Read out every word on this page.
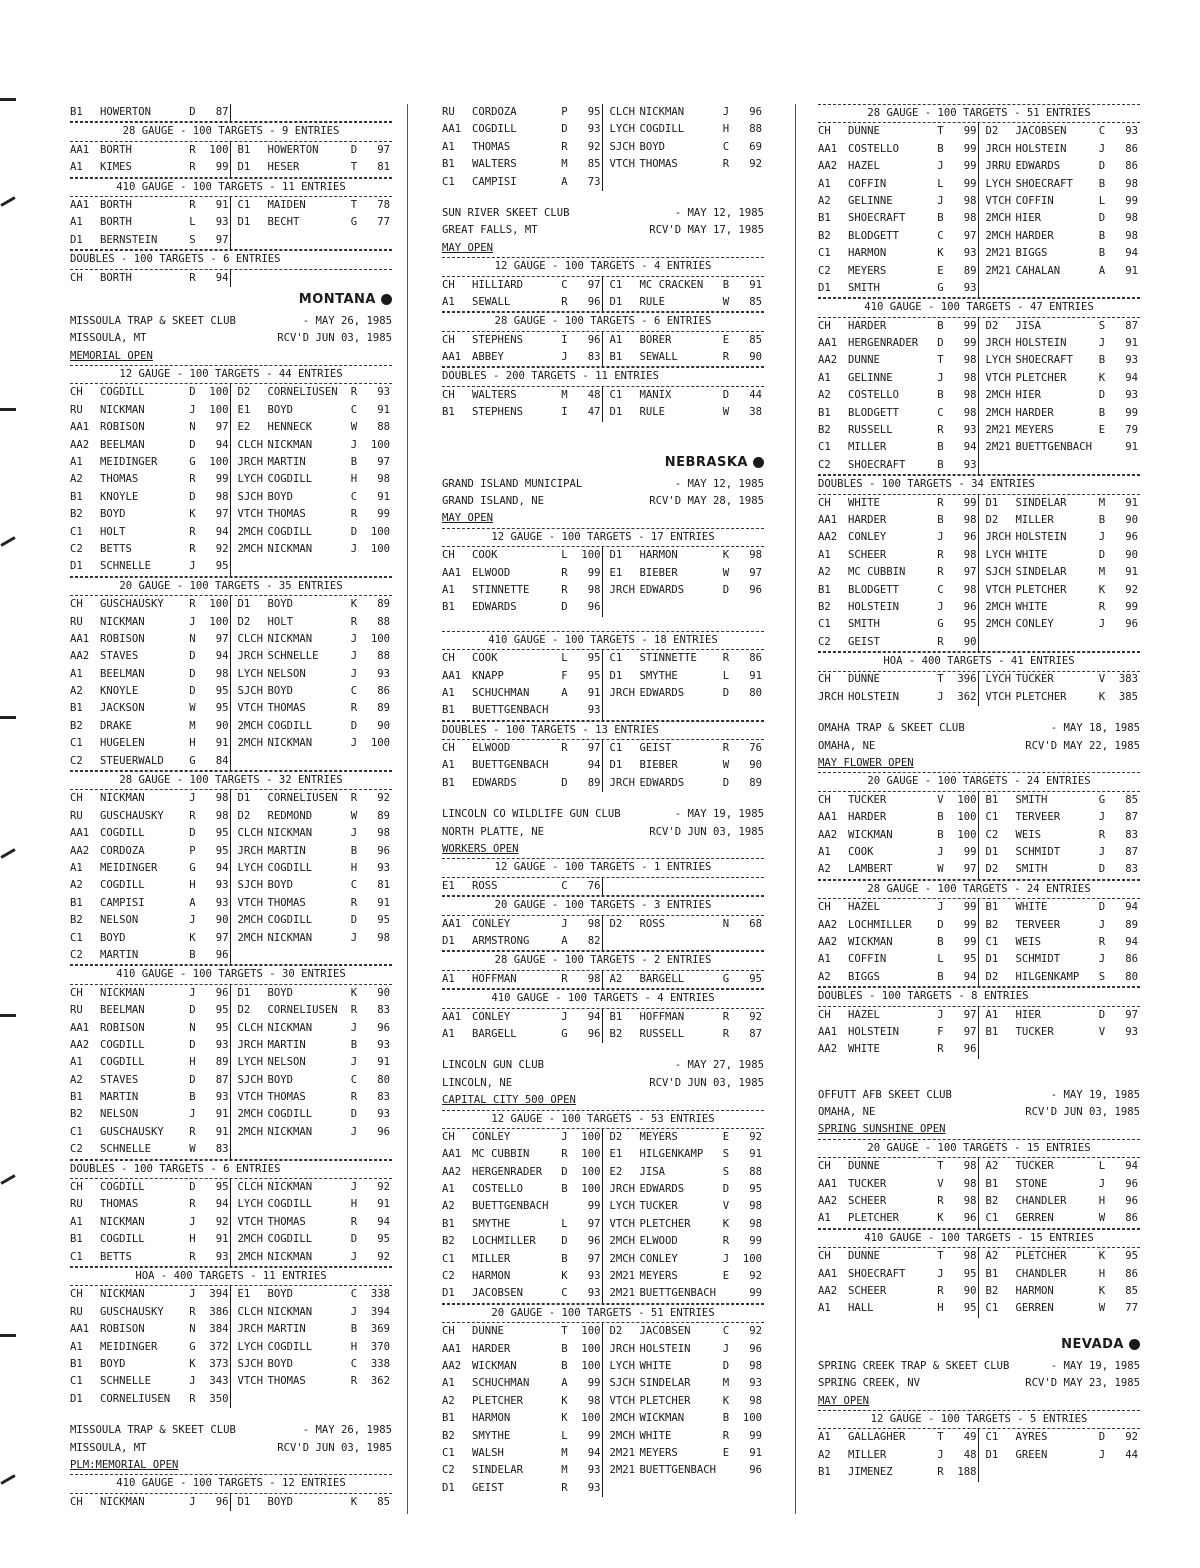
B1	HOWERTON	D	87
28 GAUGE - 100 TARGETS - 9 ENTRIES
AA1	BORTH	R	100 B1	HOWERTON	D	97
A1	KIMES	R	99 D1	HESER	T	81
410 GAUGE - 100 TARGETS - 11 ENTRIES
AA1	BORTH	R	91 C1	MAIDEN	T	78
A1	BORTH	L	93 D1	BECHT	G	77
D1	BERNSTEIN	S	97
DOUBLES - 100 TARGETS - 6 ENTRIES
CH	BORTH	R	94
MONTANA
MISSOULA TRAP & SKEET CLUB	- MAY 26, 1985
MISSOULA, MT	RCV'D JUN 03, 1985
MEMORIAL OPEN
12 GAUGE - 100 TARGETS - 44 ENTRIES
CH	COGDILL	D	100 D2	CORNELIUSEN	R	93
RU	NICKMAN	J	100 E1	BOYD	C	91
AA1	ROBISON	N	97 E2	HENNECK	W	88
AA2	BEELMAN	D	94 CLCH NICKMAN	J	100
A1	MEIDINGER	G	100 JRCH MARTIN	B	97
A2	THOMAS	R	99 LYCH COGDILL	H	98
B1	KNOYLE	D	98 SJCH BOYD	C	91
B2	BOYD	K	97 VTCH THOMAS	R	99
C1	HOLT	R	94 2MCH COGDILL	D	100
C2	BETTS	R	92 2MCH NICKMAN	J	100
D1	SCHNELLE	J	95
20 GAUGE - 100 TARGETS - 35 ENTRIES
CH	GUSCHAUSKY	R	100 D1	BOYD	K	89
RU	NICKMAN	J	100 D2	HOLT	R	88
AA1	ROBISON	N	97 CLCH NICKMAN	J	100
AA2	STAVES	D	94 JRCH SCHNELLE	J	88
A1	BEELMAN	D	98 LYCH NELSON	J	93
A2	KNOYLE	D	95 SJCH BOYD	C	86
B1	JACKSON	W	95 VTCH THOMAS	R	89
B2	DRAKE	M	90 2MCH COGDILL	D	90
C1	HUGELEN	H	91 2MCH NICKMAN	J	100
C2	STEUERWALD	G	84
28 GAUGE - 100 TARGETS - 32 ENTRIES
CH	NICKMAN	J	98 D1	CORNELIUSEN	R	92
RU	GUSCHAUSKY	R	98 D2	REDMOND	W	89
AA1	COGDILL	D	95 CLCH NICKMAN	J	98
AA2	CORDOZA	P	95 JRCH MARTIN	B	96
A1	MEIDINGER	G	94 LYCH COGDILL	H	93
A2	COGDILL	H	93 SJCH BOYD	C	81
B1	CAMPISI	A	93 VTCH THOMAS	R	91
B2	NELSON	J	90 2MCH COGDILL	D	95
C1	BOYD	K	97 2MCH NICKMAN	J	98
C2	MARTIN	B	96
410 GAUGE - 100 TARGETS - 30 ENTRIES
CH	NICKMAN	J	96 D1	BOYD	K	90
RU	BEELMAN	D	95 D2	CORNELIUSEN	R	83
AA1	ROBISON	N	95 CLCH NICKMAN	J	96
AA2	COGDILL	D	93 JRCH MARTIN	B	93
A1	COGDILL	H	89 LYCH NELSON	J	91
A2	STAVES	D	87 SJCH BOYD	C	80
B1	MARTIN	B	93 VTCH THOMAS	R	83
B2	NELSON	J	91 2MCH COGDILL	D	93
C1	GUSCHAUSKY	R	91 2MCH NICKMAN	J	96
C2	SCHNELLE	W	83
DOUBLES - 100 TARGETS - 6 ENTRIES
CH	COGDILL	D	95 CLCH NICKMAN	J	92
RU	THOMAS	R	94 LYCH COGDILL	H	91
A1	NICKMAN	J	92 VTCH THOMAS	R	94
B1	COGDILL	H	91 2MCH COGDILL	D	95
C1	BETTS	R	93 2MCH NICKMAN	J	92
HOA - 400 TARGETS - 11 ENTRIES
CH	NICKMAN	J	394 E1	BOYD	C	338
RU	GUSCHAUSKY	R	386 CLCH NICKMAN	J	394
AA1	ROBISON	N	384 JRCH MARTIN	B	369
A1	MEIDINGER	G	372 LYCH COGDILL	H	370
B1	BOYD	K	373 SJCH BOYD	C	338
C1	SCHNELLE	J	343 VTCH THOMAS	R	362
D1	CORNELIUSEN	R	350
MISSOULA TRAP & SKEET CLUB	- MAY 26, 1985
MISSOULA, MT	RCV'D JUN 03, 1985
PLM:MEMORIAL OPEN
410 GAUGE - 100 TARGETS - 12 ENTRIES
CH	NICKMAN	J	96 D1	BOYD	K	85
RU	CORDOZA	P	95 CLCH NICKMAN	J	96
AA1	COGDILL	D	93 LYCH COGDILL	H	88
A1	THOMAS	R	92 SJCH BOYD	C	69
B1	WALTERS	M	85 VTCH THOMAS	R	92
C1	CAMPISI	A	73
SUN RIVER SKEET CLUB	- MAY 12, 1985
GREAT FALLS, MT	RCV'D MAY 17, 1985
MAY OPEN
12 GAUGE - 100 TARGETS - 4 ENTRIES
CH	HILLIARD	C	97 C1	MC CRACKEN	B	91
A1	SEWALL	R	96 D1	RULE	W	85
28 GAUGE - 100 TARGETS - 6 ENTRIES
CH	STEPHENS	I	96 A1	BORER	E	85
AA1	ABBEY	J	83 B1	SEWALL	R	90
DOUBLES - 200 TARGETS - 11 ENTRIES
CH	WALTERS	M	48 C1	MANIX	D	44
B1	STEPHENS	I	47 D1	RULE	W	38
NEBRASKA
GRAND ISLAND MUNICIPAL	- MAY 12, 1985
GRAND ISLAND, NE	RCV'D MAY 28, 1985
MAY OPEN
12 GAUGE - 100 TARGETS - 17 ENTRIES
CH	COOK	L	100 D1	HARMON	K	98
AA1	ELWOOD	R	99 E1	BIEBER	W	97
A1	STINNETTE	R	98 JRCH EDWARDS	D	96
B1	EDWARDS	D	96
410 GAUGE - 100 TARGETS - 18 ENTRIES
CH	COOK	L	95 C1	STINNETTE	R	86
AA1	KNAPP	F	95 D1	SMYTHE	L	91
A1	SCHUCHMAN	A	91 JRCH EDWARDS	D	80
B1	BUETTGENBACH	93
DOUBLES - 100 TARGETS - 13 ENTRIES
CH	ELWOOD	R	97 C1	GEIST	R	76
A1	BUETTGENBACH	94 D1	BIEBER	W	90
B1	EDWARDS	D	89 JRCH EDWARDS	D	89
LINCOLN CO WILDLIFE GUN CLUB	- MAY 19, 1985
NORTH PLATTE, NE	RCV'D JUN 03, 1985
WORKERS OPEN
12 GAUGE - 100 TARGETS - 1 ENTRIES
E1	ROSS	C	76
20 GAUGE - 100 TARGETS - 3 ENTRIES
AA1	CONLEY	J	98 D2	ROSS	N	68
D1	ARMSTRONG	A	82
28 GAUGE - 100 TARGETS - 2 ENTRIES
A1	HOFFMAN	R	98 A2	BARGELL	G	95
410 GAUGE - 100 TARGETS - 4 ENTRIES
AA1	CONLEY	J	94 B1	HOFFMAN	R	92
A1	BARGELL	G	96 B2	RUSSELL	R	87
LINCOLN GUN CLUB	- MAY 27, 1985
LINCOLN, NE	RCV'D JUN 03, 1985
CAPITAL CITY 500 OPEN
12 GAUGE - 100 TARGETS - 53 ENTRIES
CH	CONLEY	J	100 D2	MEYERS	E	92
AA1	MC CUBBIN	R	100 E1	HILGENKAMP	S	91
AA2	HERGENRADER	D	100 E2	JISA	S	88
A1	COSTELLO	B	100 JRCH EDWARDS	D	95
A2	BUETTGENBACH	99 LYCH TUCKER	V	98
B1	SMYTHE	L	97 VTCH PLETCHER	K	98
B2	LOCHMILLER	D	96 2MCH ELWOOD	R	99
C1	MILLER	B	97 2MCH CONLEY	J	100
C2	HARMON	K	93 2M21 MEYERS	E	92
D1	JACOBSEN	C	93 2M21 BUETTGENBACH	99
20 GAUGE - 100 TARGETS - 51 ENTRIES
CH	DUNNE	T	100 D2	JACOBSEN	C	92
AA1	HARDER	B	100 JRCH HOLSTEIN	J	96
AA2	WICKMAN	B	100 LYCH WHITE	D	98
A1	SCHUCHMAN	A	99 SJCH SINDELAR	M	93
A2	PLETCHER	K	98 VTCH PLETCHER	K	98
B1	HARMON	K	100 2MCH WICKMAN	B	100
B2	SMYTHE	L	99 2MCH WHITE	R	99
C1	WALSH	M	94 2M21 MEYERS	E	91
C2	SINDELAR	M	93 2M21 BUETTGENBACH	96
D1	GEIST	R	93
28 GAUGE - 100 TARGETS - 51 ENTRIES
CH	DUNNE	T	99 D2	JACOBSEN	C	93
AA1	COSTELLO	B	99 JRCH HOLSTEIN	J	86
AA2	HAZEL	J	99 JRRU EDWARDS	D	86
A1	COFFIN	L	99 LYCH SHOECRAFT	B	98
A2	GELINNE	J	98 VTCH COFFIN	L	99
B1	SHOECRAFT	B	98 2MCH HIER	D	98
B2	BLODGETT	C	97 2MCH HARDER	B	98
C1	HARMON	K	93 2M21 BIGGS	B	94
C2	MEYERS	E	89 2M21 CAHALAN	A	91
D1	SMITH	G	93
410 GAUGE - 100 TARGETS - 47 ENTRIES
CH	HARDER	B	99 D2	JISA	S	87
AA1	HERGENRADER	D	99 JRCH HOLSTEIN	J	91
AA2	DUNNE	T	98 LYCH SHOECRAFT	B	93
A1	GELINNE	J	98 VTCH PLETCHER	K	94
A2	COSTELLO	B	98 2MCH HIER	D	93
B1	BLODGETT	C	98 2MCH HARDER	B	99
B2	RUSSELL	R	93 2M21 MEYERS	E	79
C1	MILLER	B	94 2M21 BUETTGENBACH	91
C2	SHOECRAFT	B	93
DOUBLES - 100 TARGETS - 34 ENTRIES
CH	WHITE	R	99 D1	SINDELAR	M	91
AA1	HARDER	B	98 D2	MILLER	B	90
AA2	CONLEY	J	96 JRCH HOLSTEIN	J	96
A1	SCHEER	R	98 LYCH WHITE	D	90
A2	MC CUBBIN	R	97 SJCH SINDELAR	M	91
B1	BLODGETT	C	98 VTCH PLETCHER	K	92
B2	HOLSTEIN	J	96 2MCH WHITE	R	99
C1	SMITH	G	95 2MCH CONLEY	J	96
C2	GEIST	R	90
HOA - 400 TARGETS - 41 ENTRIES
CH	DUNNE	T	396 LYCH TUCKER	V	383
JRCH HOLSTEIN	J	362 VTCH PLETCHER	K	385
OMAHA TRAP & SKEET CLUB	- MAY 18, 1985
OMAHA, NE	RCV'D MAY 22, 1985
MAY FLOWER OPEN
20 GAUGE - 100 TARGETS - 24 ENTRIES
CH	TUCKER	V	100 B1	SMITH	G	85
AA1	HARDER	B	100 C1	TERVEER	J	87
AA2	WICKMAN	B	100 C2	WEIS	R	83
A1	COOK	J	99 D1	SCHMIDT	J	87
A2	LAMBERT	W	97 D2	SMITH	D	83
28 GAUGE - 100 TARGETS - 24 ENTRIES
CH	HAZEL	J	99 B1	WHITE	D	94
AA2	LOCHMILLER	D	99 B2	TERVEER	J	89
AA2	WICKMAN	B	99 C1	WEIS	R	94
A1	COFFIN	L	95 D1	SCHMIDT	J	86
A2	BIGGS	B	94 D2	HILGENKAMP	S	80
DOUBLES - 100 TARGETS - 8 ENTRIES
CH	HAZEL	J	97 A1	HIER	D	97
AA1	HOLSTEIN	F	97 B1	TUCKER	V	93
AA2	WHITE	R	96
OFFUTT AFB SKEET CLUB	- MAY 19, 1985
OMAHA, NE	RCV'D JUN 03, 1985
SPRING SUNSHINE OPEN
20 GAUGE - 100 TARGETS - 15 ENTRIES
CH	DUNNE	T	98 A2	TUCKER	L	94
AA1	TUCKER	V	98 B1	STONE	J	96
AA2	SCHEER	R	98 B2	CHANDLER	H	96
A1	PLETCHER	K	96 C1	GERREN	W	86
410 GAUGE - 100 TARGETS - 15 ENTRIES
CH	DUNNE	T	98 A2	PLETCHER	K	95
AA1	SHOECRAFT	J	95 B1	CHANDLER	H	86
AA2	SCHEER	R	90 B2	HARMON	K	85
A1	HALL	H	95 C1	GERREN	W	77
NEVADA
SPRING CREEK TRAP & SKEET CLUB	- MAY 19, 1985
SPRING CREEK, NV	RCV'D MAY 23, 1985
MAY OPEN
12 GAUGE - 100 TARGETS - 5 ENTRIES
A1	GALLAGHER	T	49 C1	AYRES	D	92
A2	MILLER	J	48 D1	GREEN	J	44
B1	JIMENEZ	R	188
